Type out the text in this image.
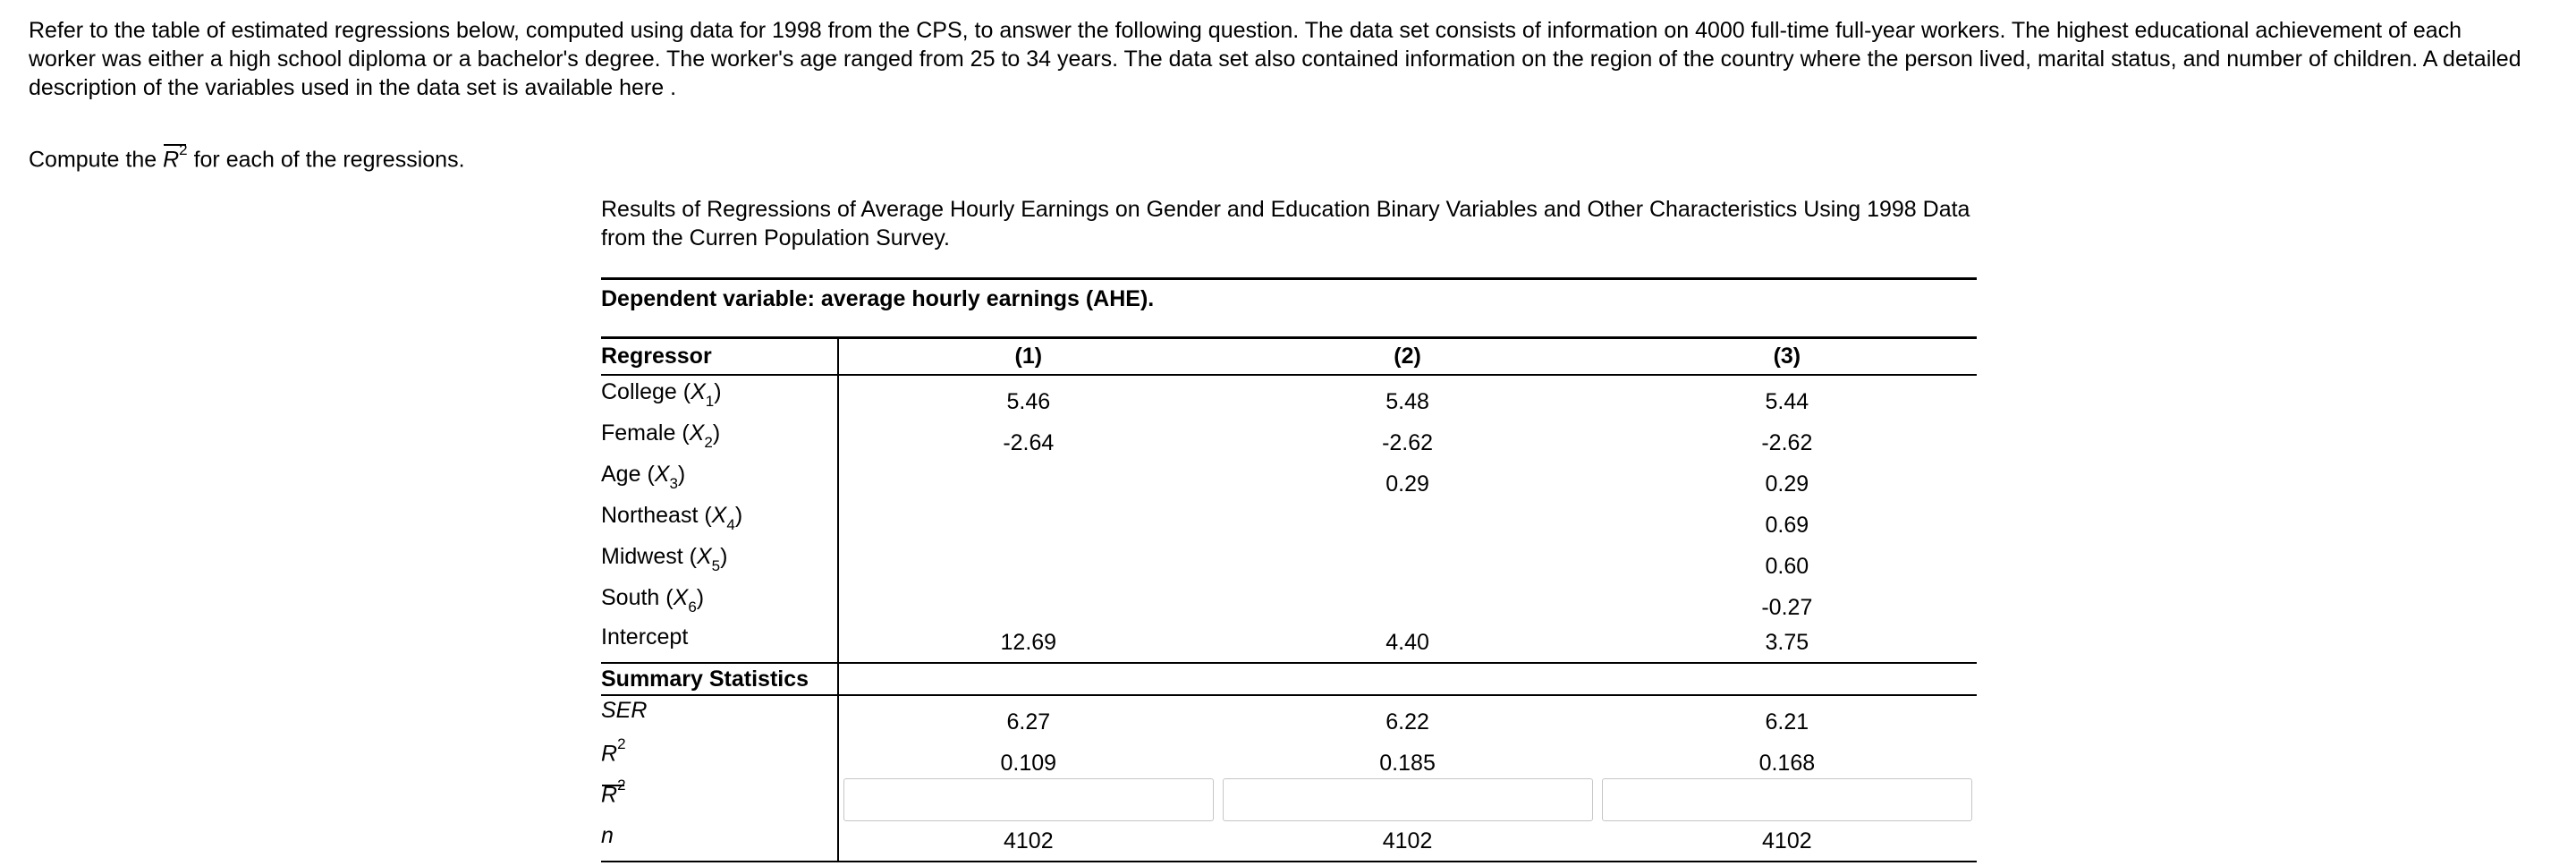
Refer to the table of estimated regressions below, computed using data for 1998 from the CPS, to answer the following question. The data set consists of information on 4000 full-time full-year workers. The highest educational achievement of each worker was either a high school diploma or a bachelor's degree. The worker's age ranged from 25 to 34 years. The data set also contained information on the region of the country where the person lived, marital status, and number of children. A detailed description of the variables used in the data set is available here .

Compute the
$R^2$ for each of the regressions.

Results of Regressions of Average Hourly Earnings on Gender and Education Binary Variables and Other Characteristics Using 1998 Data from the Curren Population Survey.

Dependent variable: average hourly earnings (AHE).
Regressor	(1)	(2)	(3)
College $(X_1)$	5.46	5.48	5.44
Female $(X_2)$	-2.64	-2.62	-2.62
Age $(X_3)$		0.29	0.29
Northeast $(X_4)$			0.69
Midwest $(X_5)$			0.60
South $(X_6)$			-0.27
Intercept	12.69	4.40	3.75
Summary Statistics			
SER	6.27	6.22	6.21
$R^2$	0.109	0.185	0.168

$R^2$	

n	4102	4102	4102
